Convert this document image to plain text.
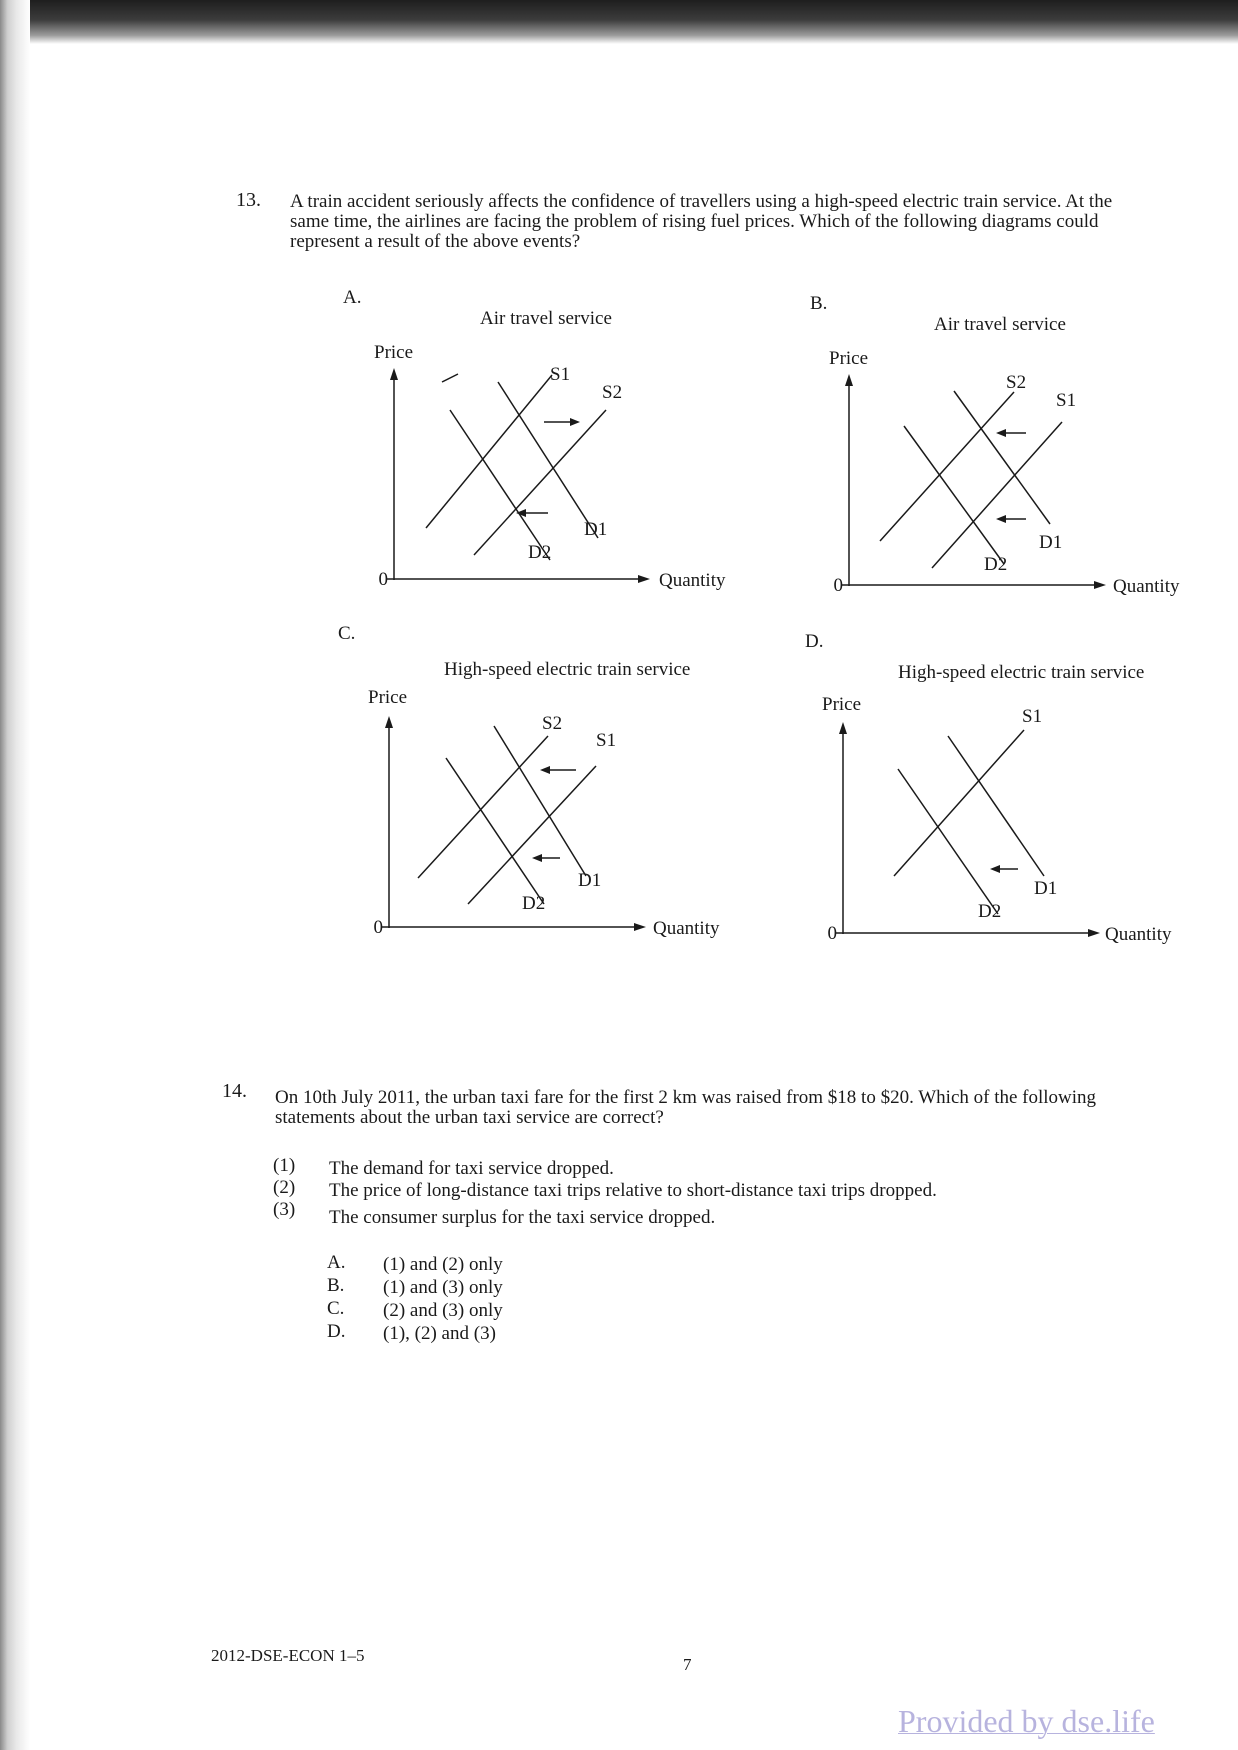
13. A train accident seriously affects the confidence of travellers using a high-speed electric train service. At the
same time, the airlines are facing the problem of rising fuel prices. Which of the following diagrams could
represent a result of the above events?
A.
Air travel service
Price
0	Quantity
S1
S2
D1
D2
B.
Air travel service
Price
0	Quantity
S2
S1
D1
D2
C.
High-speed electric train service
Price
0	Quantity
S2
S1
D1
D2
D.
High-speed electric train service
Price
0	Quantity
S1
D1
D2
14. On 10th July 2011, the urban taxi fare for the first 2 km was raised from $18 to $20. Which of the following
statements about the urban taxi service are correct?
(1) The demand for taxi service dropped.
(2) The price of long-distance taxi trips relative to short-distance taxi trips dropped.
(3) The consumer surplus for the taxi service dropped.
A. (1) and (2) only
B. (1) and (3) only
C. (2) and (3) only
D. (1), (2) and (3)
2012-DSE-ECON 1–5	7
Provided by dse.life
